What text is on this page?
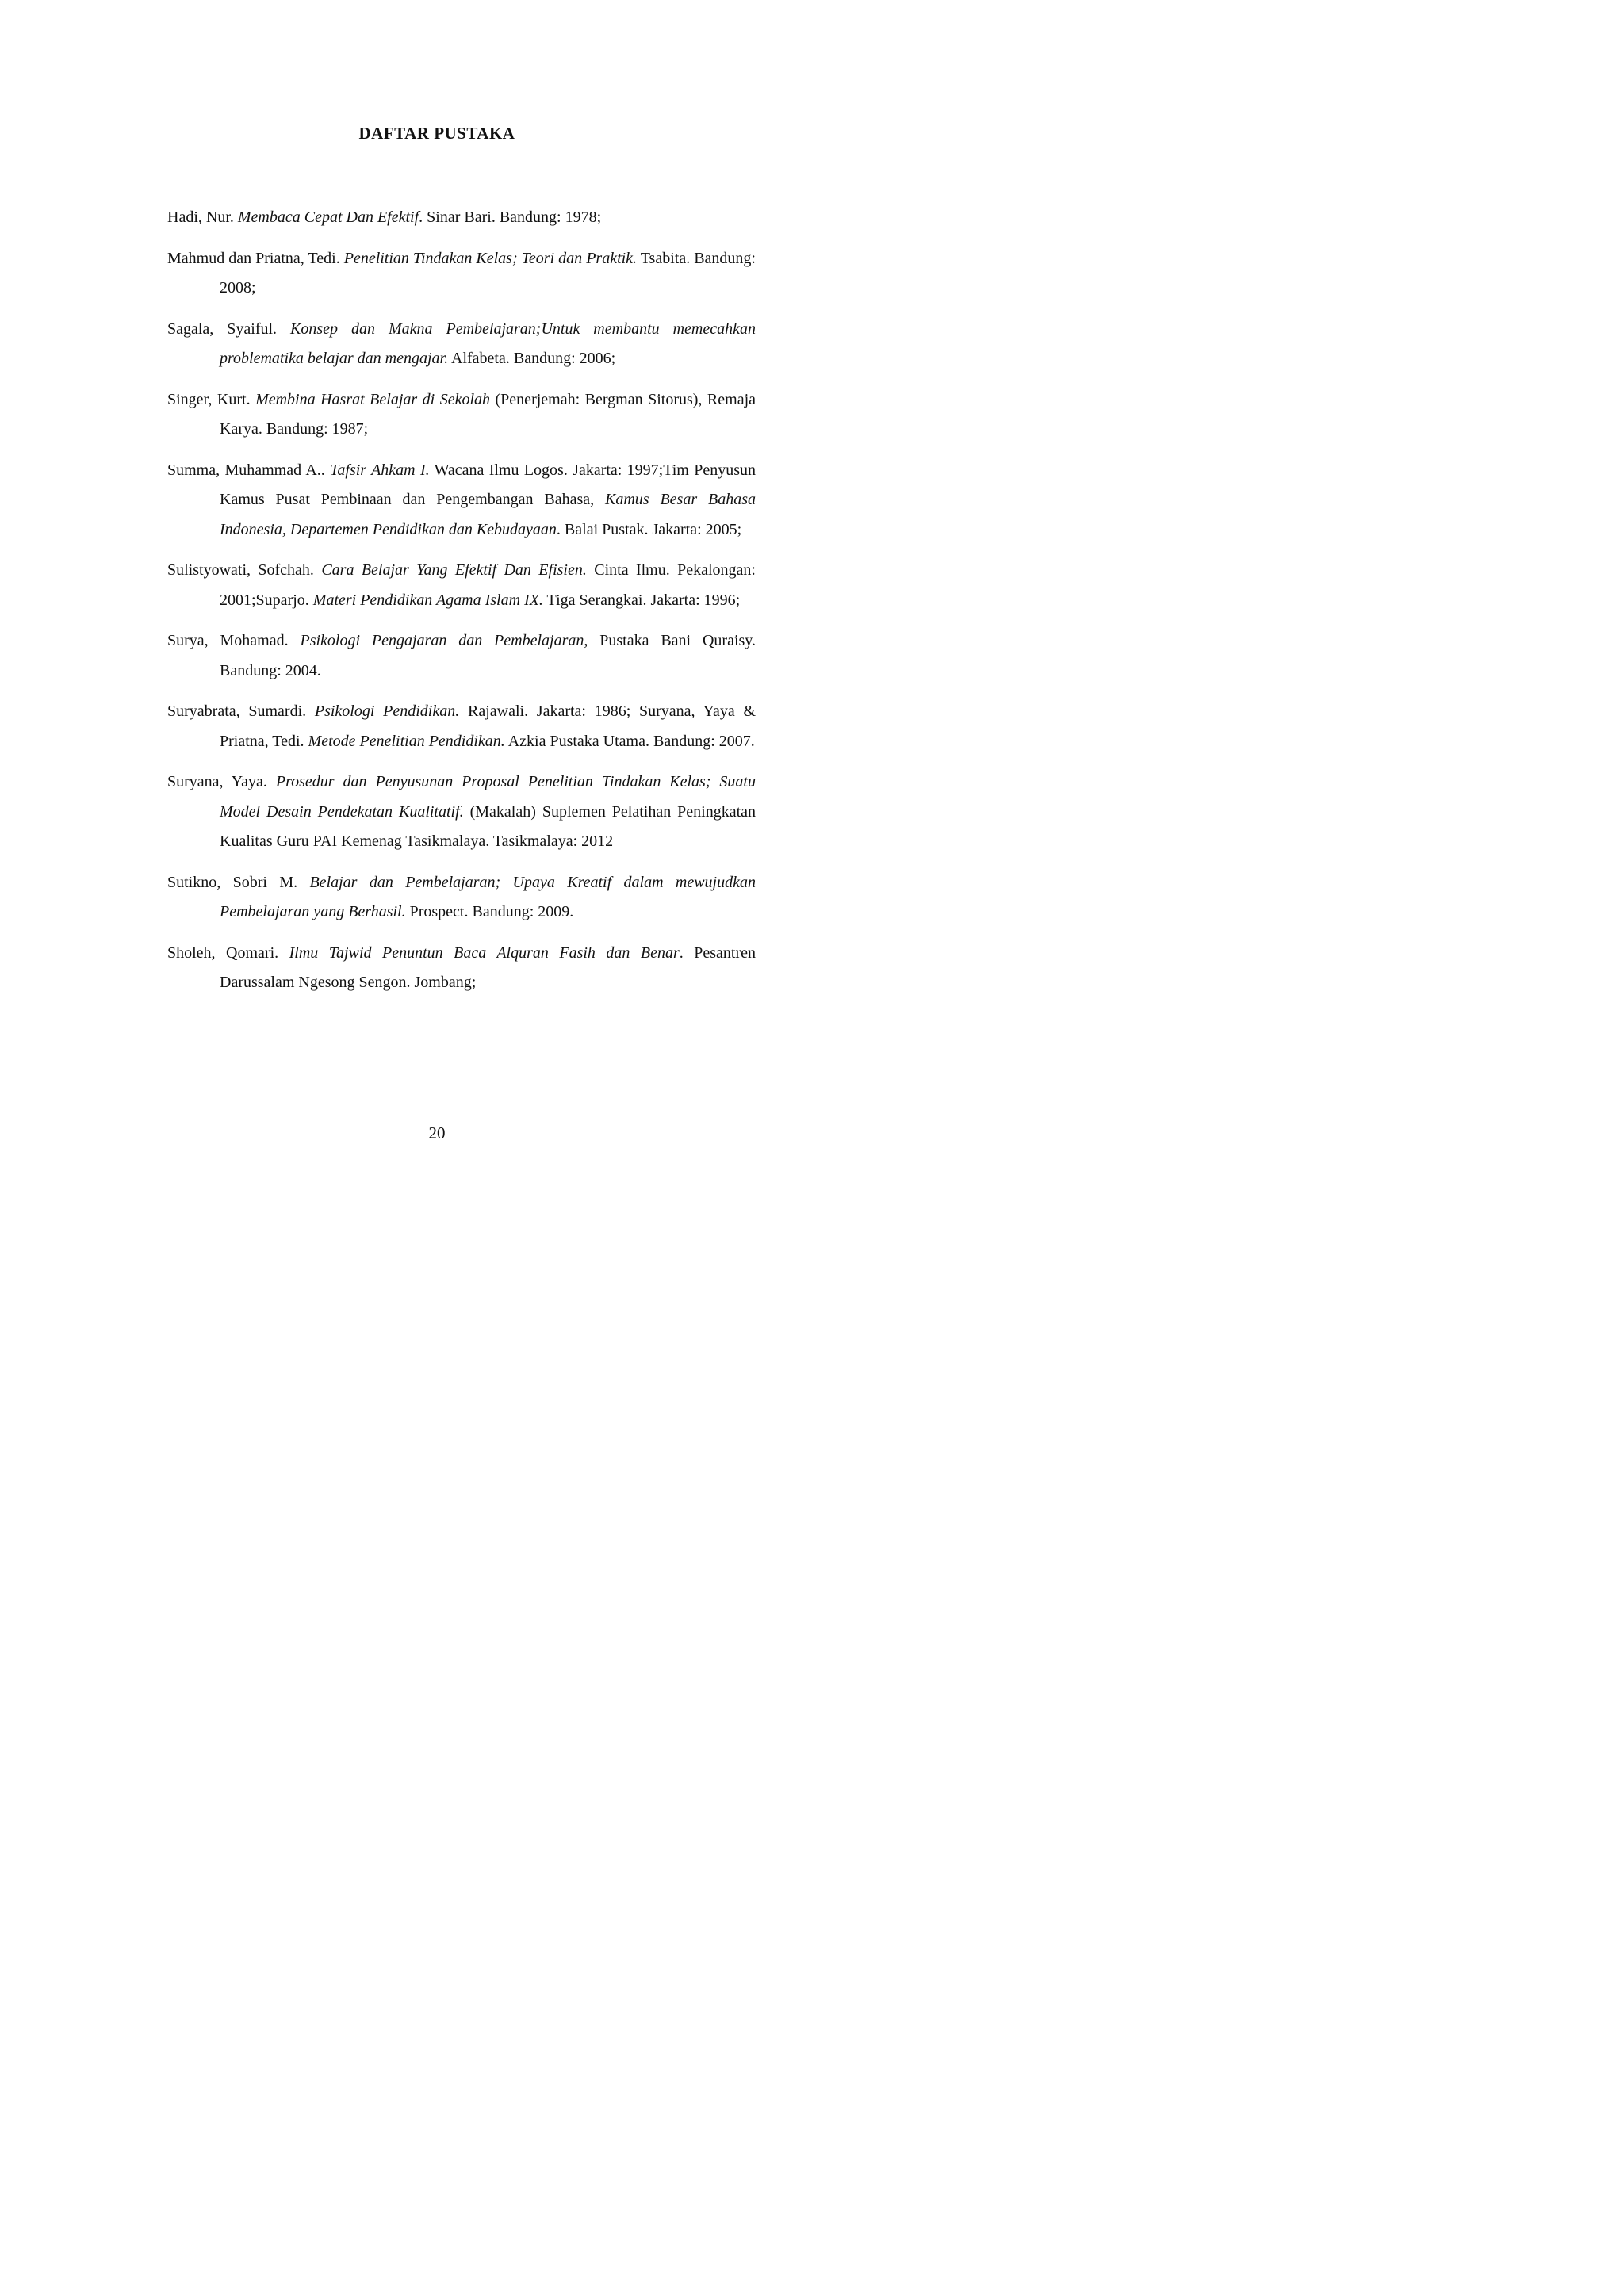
DAFTAR PUSTAKA

Hadi, Nur. Membaca Cepat Dan Efektif. Sinar Bari. Bandung: 1978;

Mahmud dan Priatna, Tedi. Penelitian Tindakan Kelas; Teori dan Praktik. Tsabita. Bandung: 2008;

Sagala, Syaiful. Konsep dan Makna Pembelajaran;Untuk membantu memecahkan problematika belajar dan mengajar. Alfabeta. Bandung: 2006;

Singer, Kurt. Membina Hasrat Belajar di Sekolah (Penerjemah: Bergman Sitorus), Remaja Karya. Bandung: 1987;

Summa, Muhammad A.. Tafsir Ahkam I. Wacana Ilmu Logos. Jakarta: 1997;Tim Penyusun Kamus Pusat Pembinaan dan Pengembangan Bahasa, Kamus Besar Bahasa Indonesia, Departemen Pendidikan dan Kebudayaan. Balai Pustak. Jakarta: 2005;

Sulistyowati, Sofchah. Cara Belajar Yang Efektif Dan Efisien. Cinta Ilmu. Pekalongan: 2001;Suparjo. Materi Pendidikan Agama Islam IX. Tiga Serangkai. Jakarta: 1996;

Surya, Mohamad. Psikologi Pengajaran dan Pembelajaran, Pustaka Bani Quraisy. Bandung: 2004.

Suryabrata, Sumardi. Psikologi Pendidikan. Rajawali. Jakarta: 1986; Suryana, Yaya & Priatna, Tedi. Metode Penelitian Pendidikan. Azkia Pustaka Utama. Bandung: 2007.

Suryana, Yaya. Prosedur dan Penyusunan Proposal Penelitian Tindakan Kelas; Suatu Model Desain Pendekatan Kualitatif. (Makalah) Suplemen Pelatihan Peningkatan Kualitas Guru PAI Kemenag Tasikmalaya. Tasikmalaya: 2012

Sutikno, Sobri M. Belajar dan Pembelajaran; Upaya Kreatif dalam mewujudkan Pembelajaran yang Berhasil. Prospect. Bandung: 2009.

Sholeh, Qomari. Ilmu Tajwid Penuntun Baca Alquran Fasih dan Benar. Pesantren Darussalam Ngesong Sengon. Jombang;

20
